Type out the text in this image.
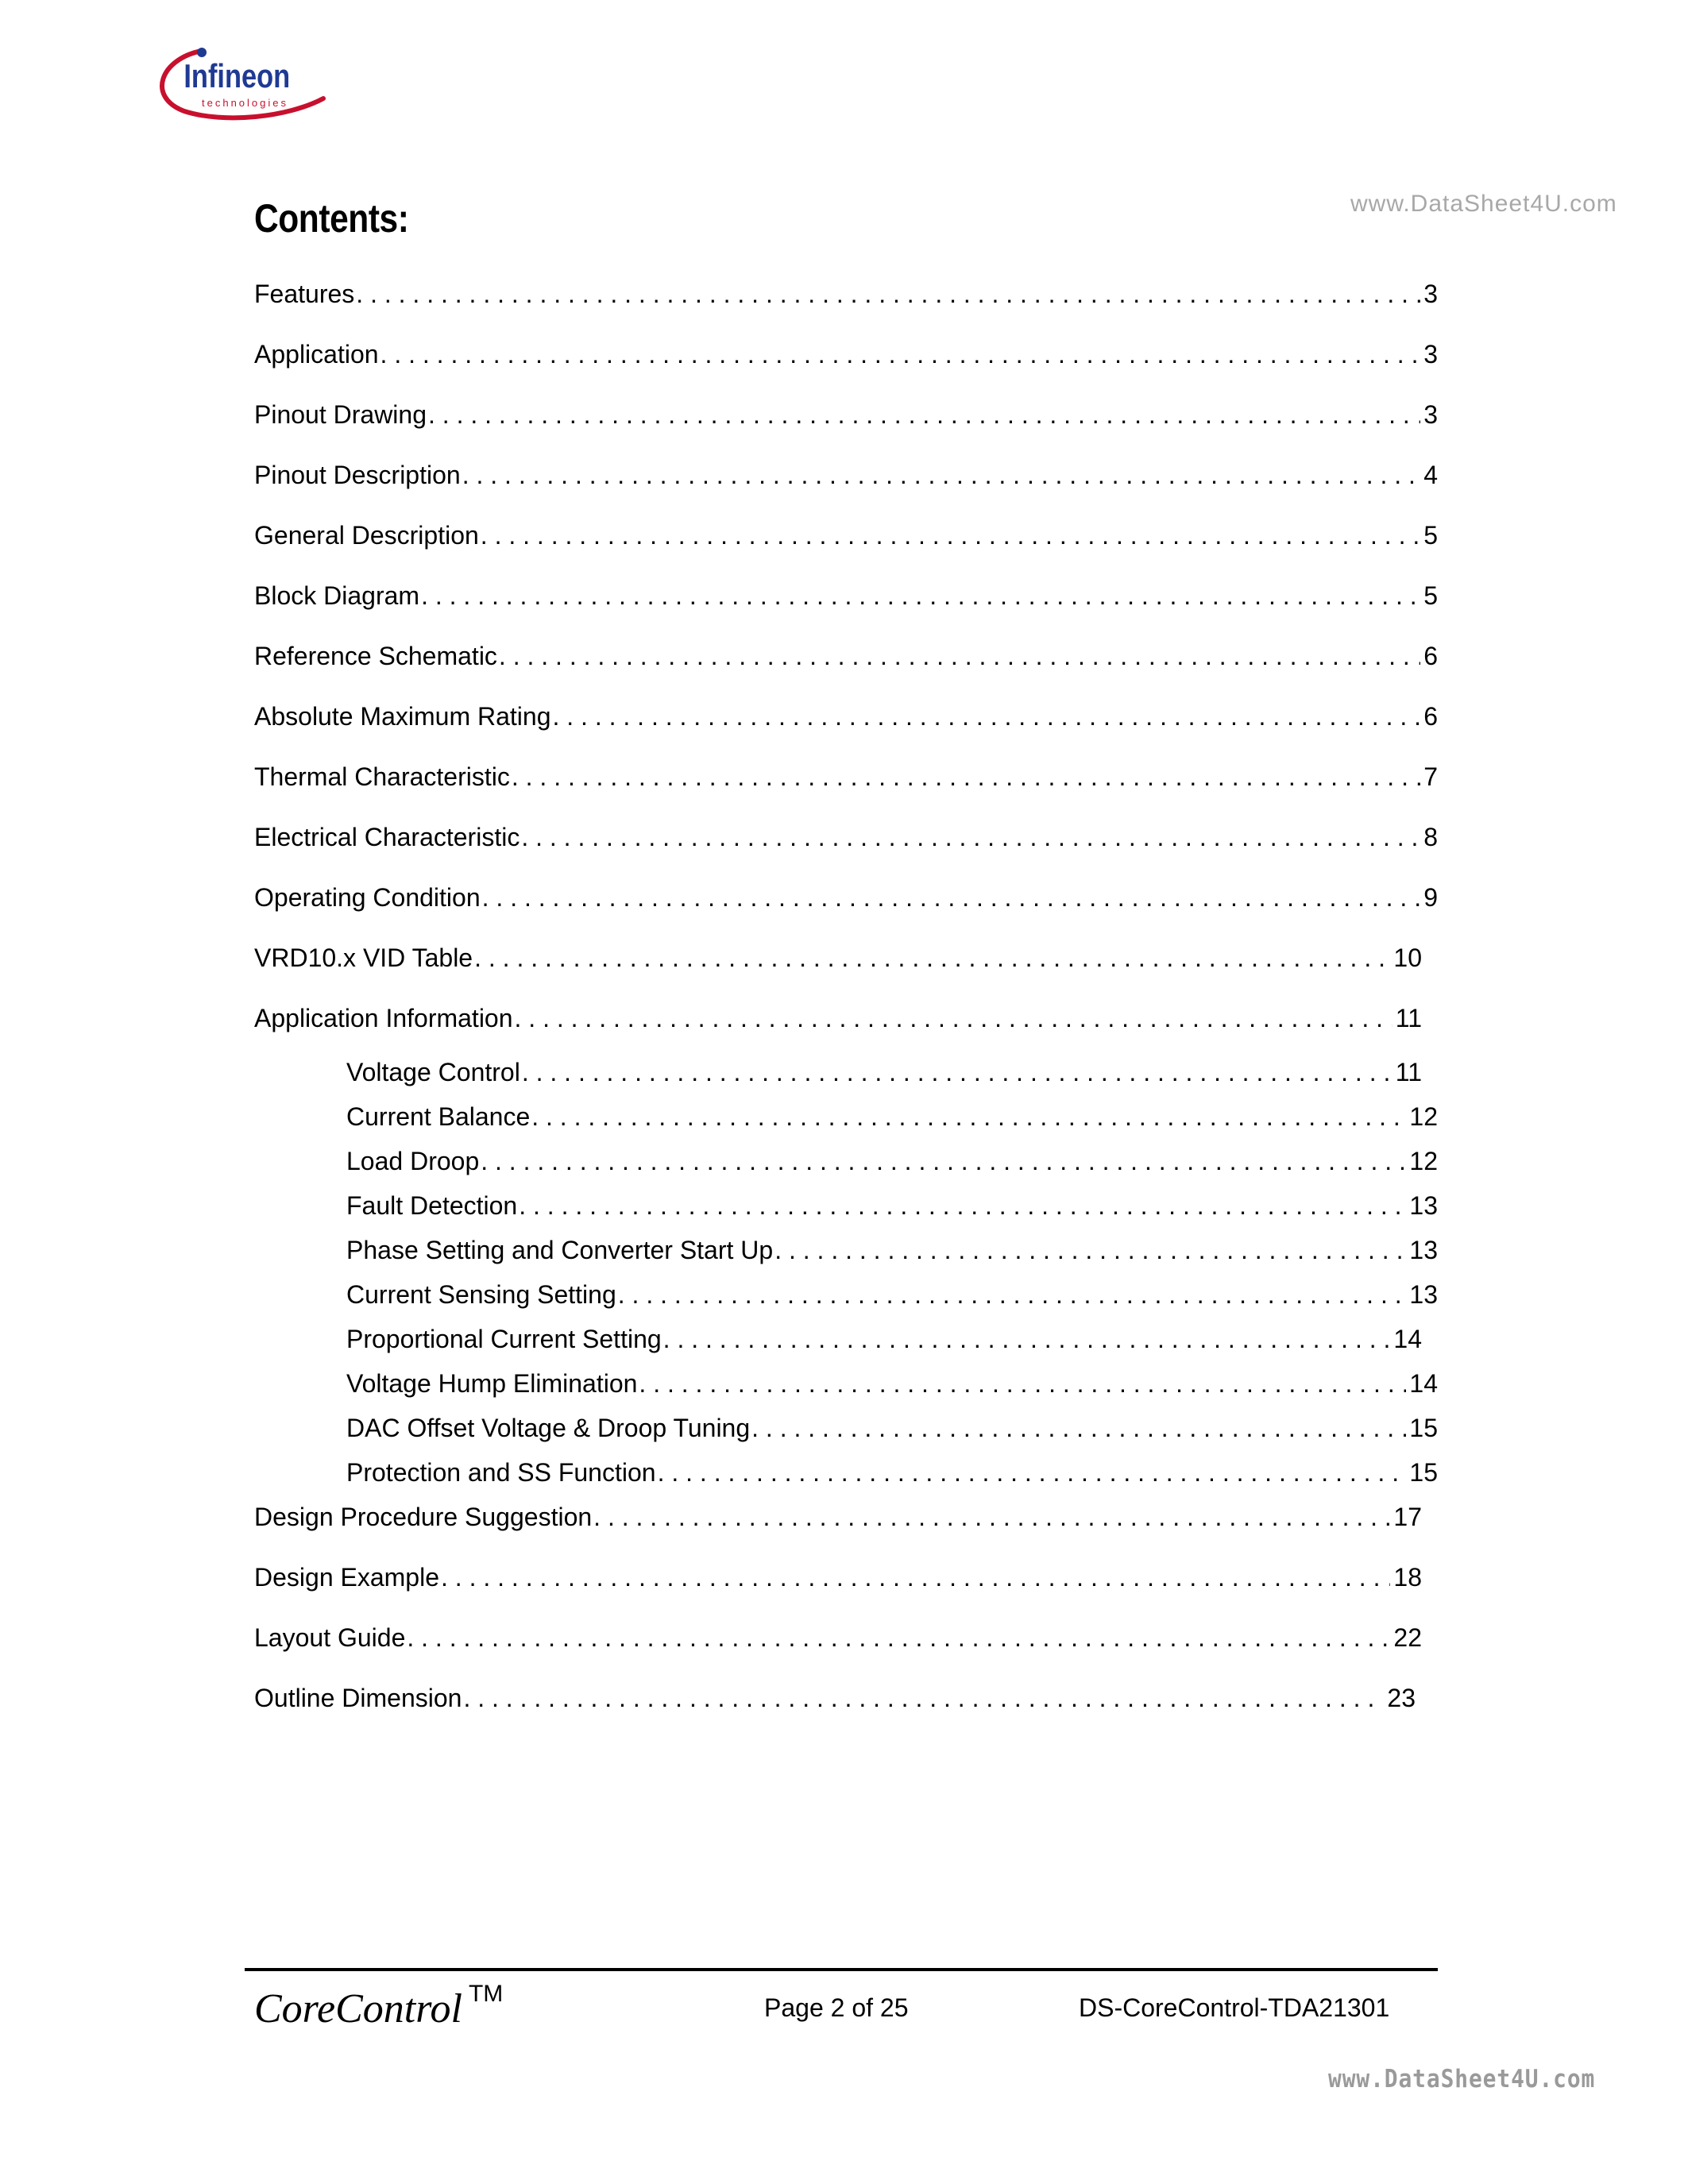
Infineon
technologies
www.DataSheet4U.com
Contents:
Features . . .	3
Application . . .	3
Pinout Drawing . . .	3
Pinout Description . . .	4
General Description . . .	5
Block Diagram . . .	5
Reference Schematic . . .	6
Absolute Maximum Rating . . .	6
Thermal Characteristic . . .	7
Electrical Characteristic . . .	8
Operating Condition . . .	9
VRD10.x VID Table . . .	10
Application Information . . .	11
Voltage Control . . .	11
Current Balance . . .	12
Load Droop . . .	12
Fault Detection . . .	13
Phase Setting and Converter Start Up . . .	13
Current Sensing Setting . . .	13
Proportional Current Setting . . .	14
Voltage Hump Elimination . . .	14
DAC Offset Voltage & Droop Tuning . . .	15
Protection and SS Function . . .	15
Design Procedure Suggestion . . .	17
Design Example . . .	18
Layout Guide . . .	22
Outline Dimension . . .	23
CoreControl ™	Page 2 of 25	DS-CoreControl-TDA21301
www.DataSheet4U.com
